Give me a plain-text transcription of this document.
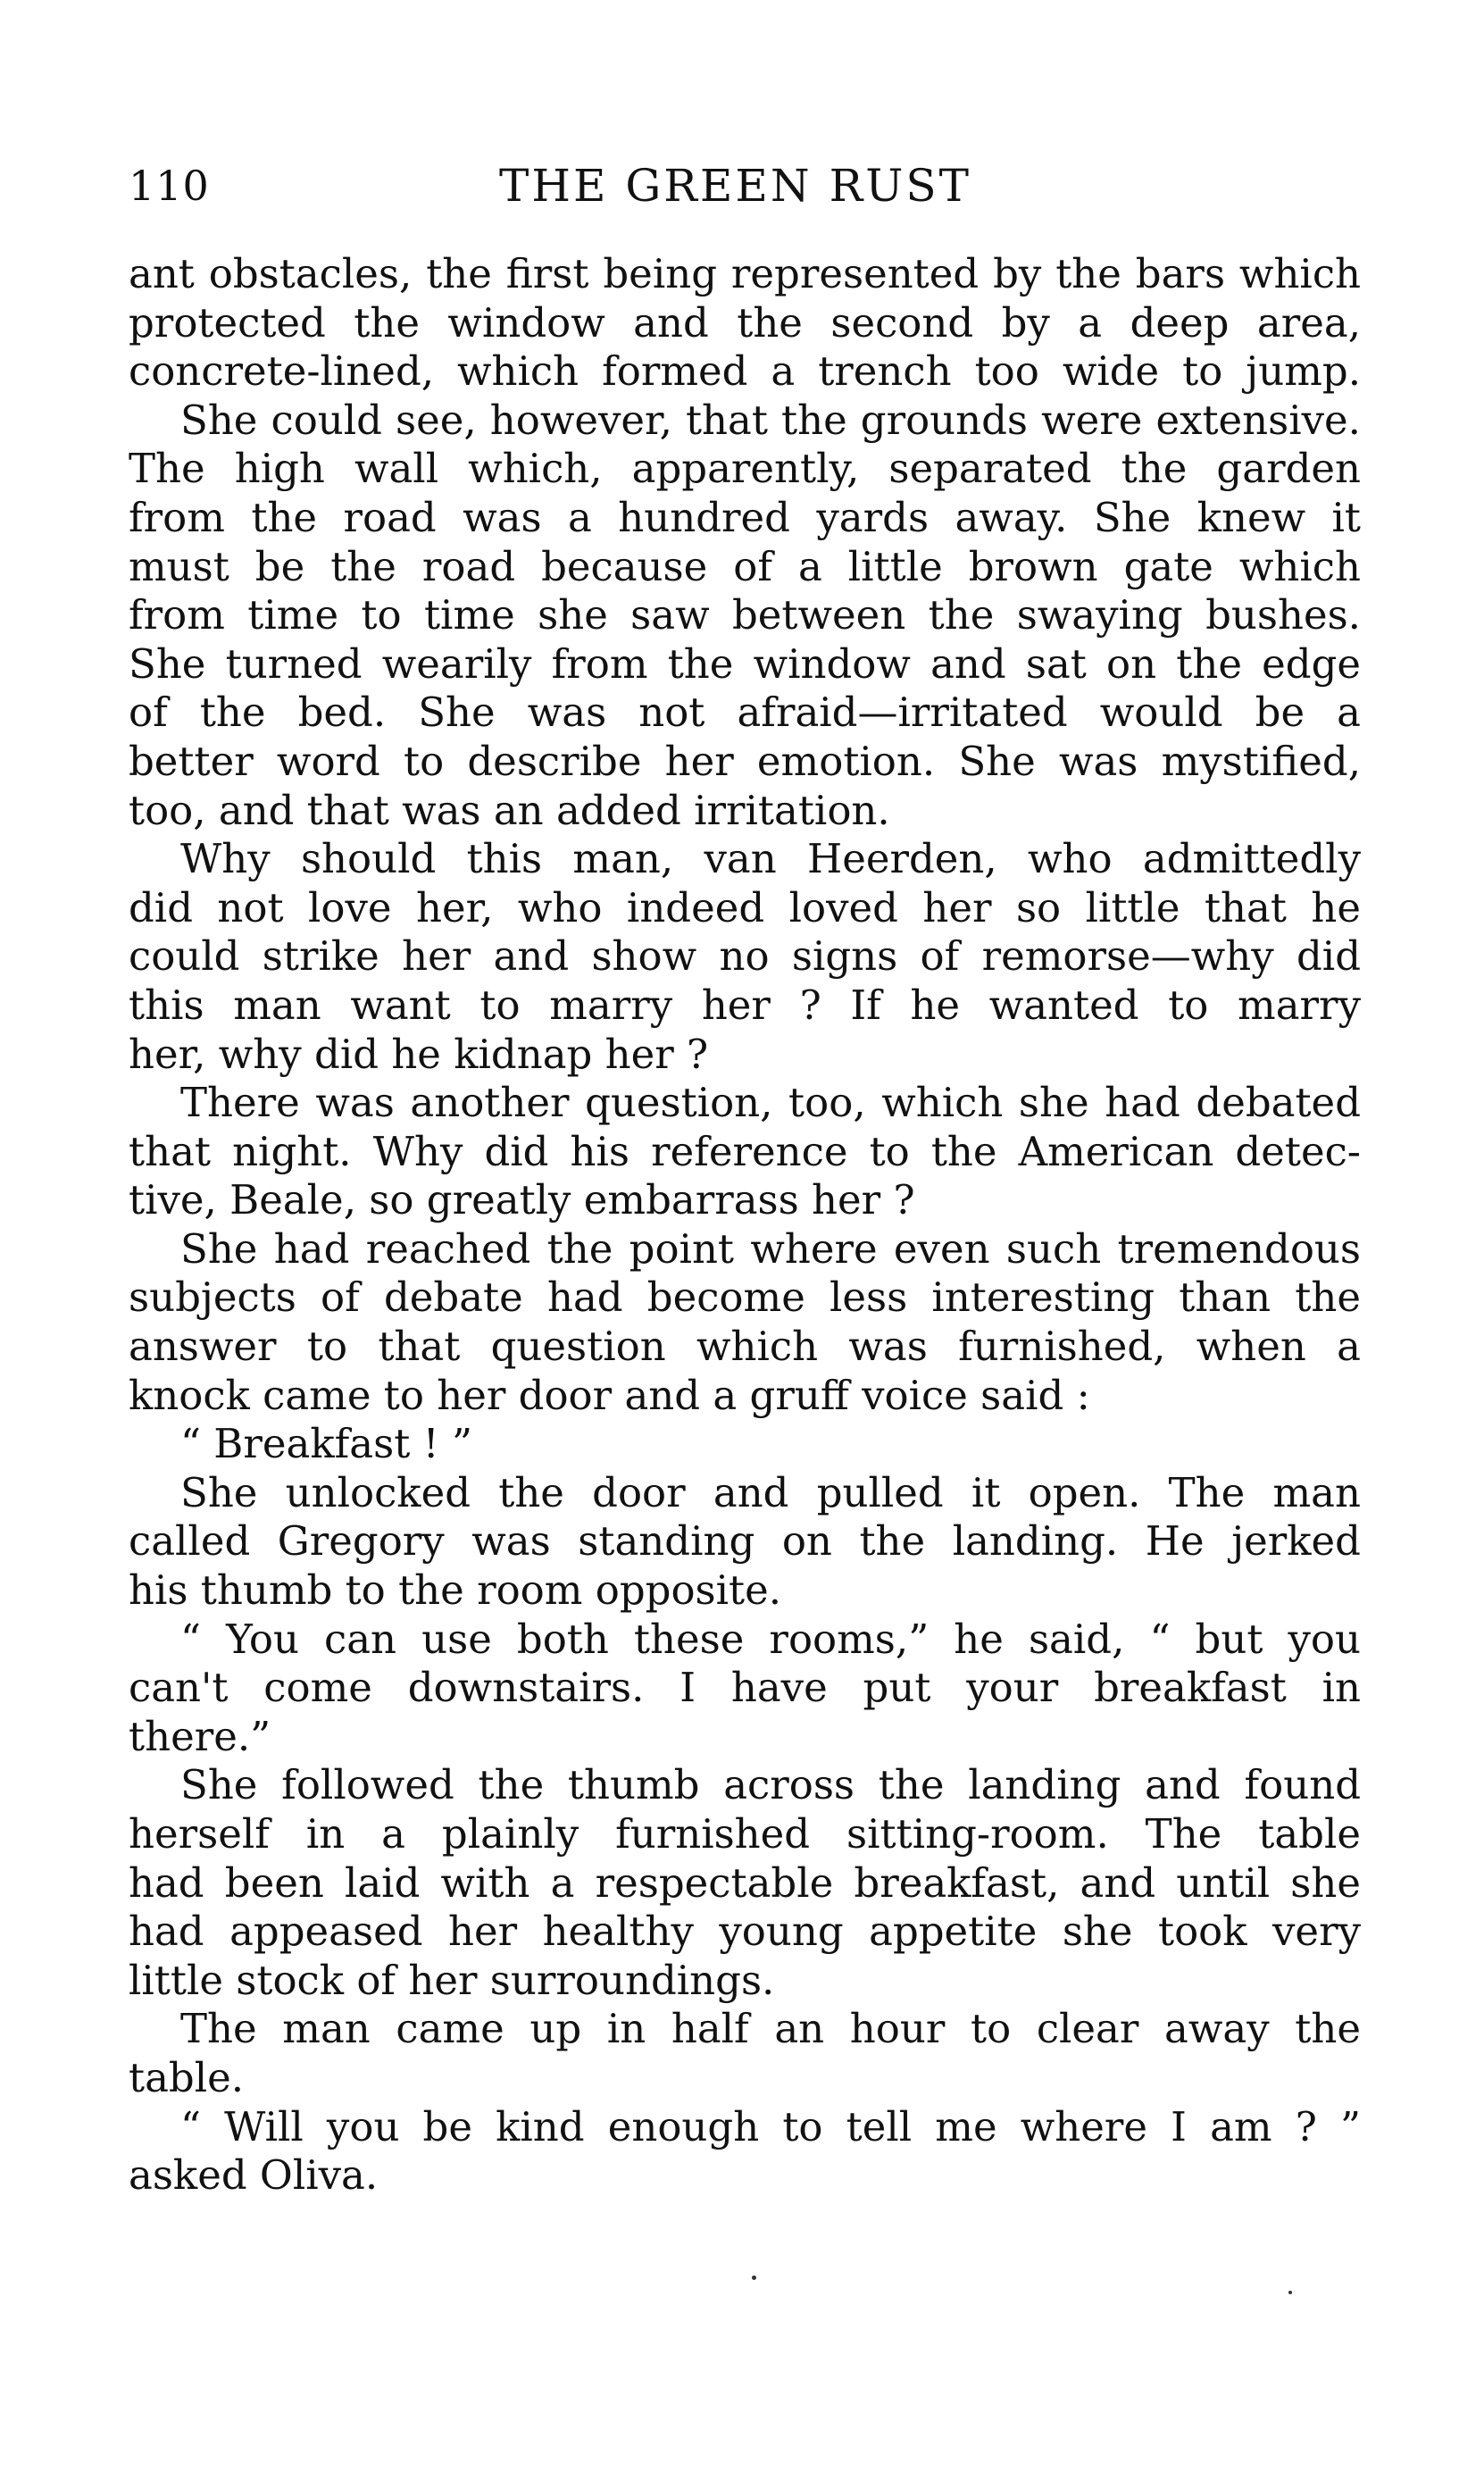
110	THE GREEN RUST
ant obstacles, the first being represented by the bars which
protected the window and the second by a deep area,
concrete-lined, which formed a trench too wide to jump.
She could see, however, that the grounds were extensive.
The high wall which, apparently, separated the garden
from the road was a hundred yards away. She knew it
must be the road because of a little brown gate which
from time to time she saw between the swaying bushes.
She turned wearily from the window and sat on the edge
of the bed. She was not afraid—irritated would be a
better word to describe her emotion. She was mystified,
too, and that was an added irritation.
Why should this man, van Heerden, who admittedly
did not love her, who indeed loved her so little that he
could strike her and show no signs of remorse—why did
this man want to marry her ? If he wanted to marry
her, why did he kidnap her ?
There was another question, too, which she had debated
that night. Why did his reference to the American detec-
tive, Beale, so greatly embarrass her ?
She had reached the point where even such tremendous
subjects of debate had become less interesting than the
answer to that question which was furnished, when a
knock came to her door and a gruff voice said :
“ Breakfast ! ”
She unlocked the door and pulled it open. The man
called Gregory was standing on the landing. He jerked
his thumb to the room opposite.
“ You can use both these rooms,” he said, “ but you
can't come downstairs. I have put your breakfast in
there.”
She followed the thumb across the landing and found
herself in a plainly furnished sitting-room. The table
had been laid with a respectable breakfast, and until she
had appeased her healthy young appetite she took very
little stock of her surroundings.
The man came up in half an hour to clear away the
table.
“ Will you be kind enough to tell me where I am ? ”
asked Oliva.
